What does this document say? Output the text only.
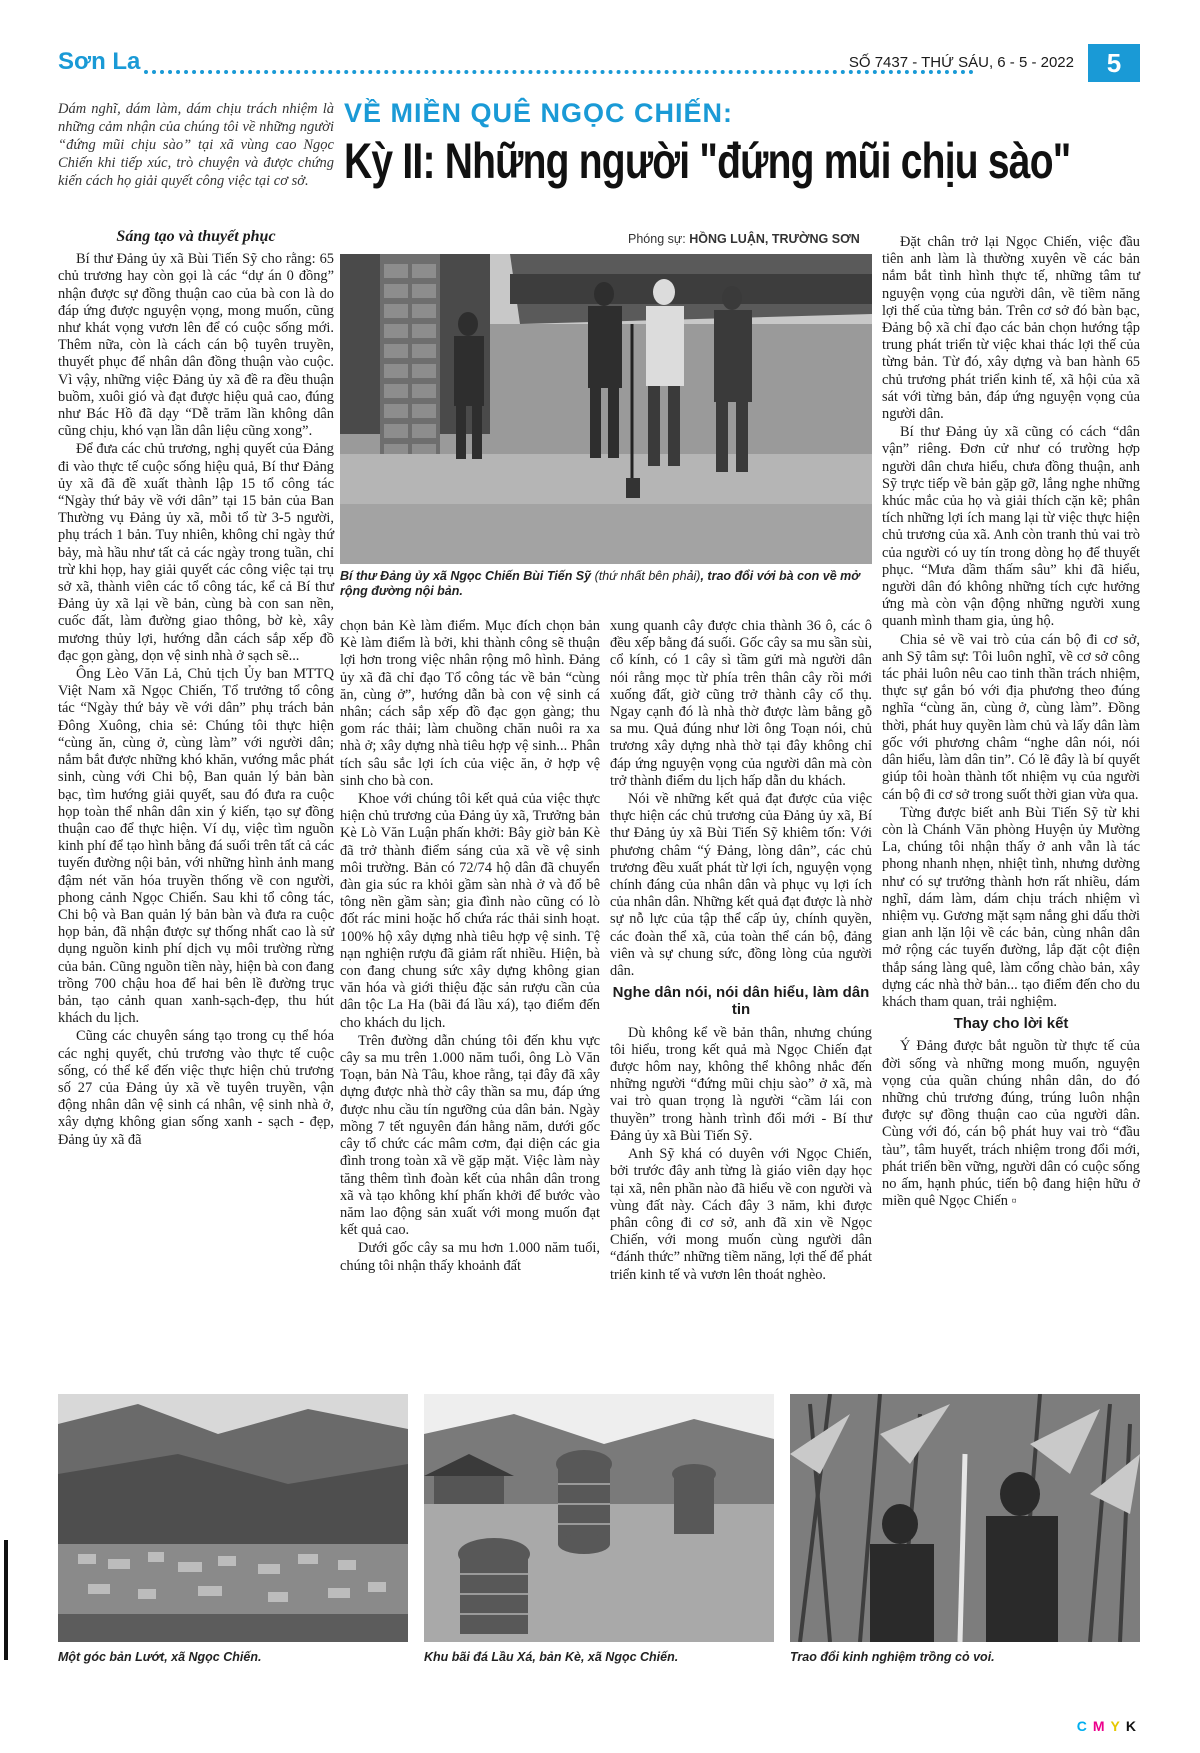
Sơn La	SỐ 7437 - THỨ SÁU, 6 - 5 - 2022	5
Dám nghĩ, dám làm, dám chịu trách nhiệm là những cảm nhận của chúng tôi về những người “đứng mũi chịu sào” tại xã vùng cao Ngọc Chiến khi tiếp xúc, trò chuyện và được chứng kiến cách họ giải quyết công việc tại cơ sở.
VỀ MIỀN QUÊ NGỌC CHIẾN:
Kỳ II: Những người "đứng mũi chịu sào"
Phóng sự: HỒNG LUẬN, TRƯỜNG SƠN
Bí thư Đảng ủy xã Ngọc Chiến Bùi Tiến Sỹ (thứ nhất bên phải), trao đổi với bà con về mở rộng đường nội bản.
Sáng tạo và thuyết phục

Bí thư Đảng ủy xã Bùi Tiến Sỹ cho rằng: 65 chủ trương hay còn gọi là các “dự án 0 đồng” nhận được sự đồng thuận cao của bà con là do đáp ứng được nguyện vọng, mong muốn, cũng như khát vọng vươn lên để có cuộc sống mới. Thêm nữa, còn là cách cán bộ tuyên truyền, thuyết phục để nhân dân đồng thuận vào cuộc. Vì vậy, những việc Đảng ủy xã đề ra đều thuận buồm, xuôi gió và đạt được hiệu quả cao, đúng như Bác Hồ đã dạy “Dễ trăm lần không dân cũng chịu, khó vạn lần dân liệu cũng xong”.

Để đưa các chủ trương, nghị quyết của Đảng đi vào thực tế cuộc sống hiệu quả, Bí thư Đảng ủy xã đã đề xuất thành lập 15 tổ công tác “Ngày thứ bảy về với dân” tại 15 bản của Ban Thường vụ Đảng ủy xã, mỗi tổ từ 3-5 người, phụ trách 1 bản. Tuy nhiên, không chỉ ngày thứ bảy, mà hầu như tất cả các ngày trong tuần, chỉ trừ khi họp, hay giải quyết các công việc tại trụ sở xã, thành viên các tổ công tác, kể cả Bí thư Đảng ủy xã lại về bản, cùng bà con san nền, cuốc đất, làm đường giao thông, bờ kè, xây mương thủy lợi, hướng dẫn cách sắp xếp đồ đạc gọn gàng, dọn vệ sinh nhà ở sạch sẽ...

Ông Lèo Văn Lả, Chủ tịch Ủy ban MTTQ Việt Nam xã Ngọc Chiến, Tổ trưởng tổ công tác “Ngày thứ bảy về với dân” phụ trách bản Đông Xuông, chia sẻ: Chúng tôi thực hiện “cùng ăn, cùng ở, cùng làm” với người dân; nắm bắt được những khó khăn, vướng mắc phát sinh, cùng với Chi bộ, Ban quản lý bản bàn bạc, tìm hướng giải quyết, sau đó đưa ra cuộc họp toàn thể nhân dân xin ý kiến, tạo sự đồng thuận cao để thực hiện. Ví dụ, việc tìm nguồn kinh phí để tạo hình bằng đá suối trên tất cả các tuyến đường nội bản, với những hình ảnh mang đậm nét văn hóa truyền thống về con người, phong cảnh Ngọc Chiến. Sau khi tổ công tác, Chi bộ và Ban quản lý bản bàn và đưa ra cuộc họp bản, đã nhận được sự thống nhất cao là sử dụng nguồn kinh phí dịch vụ môi trường rừng của bản. Cũng nguồn tiền này, hiện bà con đang trồng 700 chậu hoa để hai bên lề đường trục bản, tạo cảnh quan xanh-sạch-đẹp, thu hút khách du lịch.

Cũng các chuyên sáng tạo trong cụ thể hóa các nghị quyết, chủ trương vào thực tế cuộc sống, có thể kể đến việc thực hiện chủ trương số 27 của Đảng ủy xã về tuyên truyền, vận động nhân dân vệ sinh cá nhân, vệ sinh nhà ở, xây dựng không gian sống xanh - sạch - đẹp, Đảng ủy xã đã

chọn bản Kè làm điểm. Mục đích chọn bản Kè làm điểm là bởi, khi thành công sẽ thuận lợi hơn trong việc nhân rộng mô hình. Đảng ủy xã đã chỉ đạo Tổ công tác về bản “cùng ăn, cùng ở”, hướng dẫn bà con vệ sinh cá nhân; cách sắp xếp đồ đạc gọn gàng; thu gom rác thải; làm chuồng chăn nuôi ra xa nhà ở; xây dựng nhà tiêu hợp vệ sinh... Phân tích sâu sắc lợi ích của việc ăn, ở hợp vệ sinh cho bà con.

Khoe với chúng tôi kết quả của việc thực hiện chủ trương của Đảng ủy xã, Trưởng bản Kè Lò Văn Luận phấn khởi: Bây giờ bản Kè đã trở thành điểm sáng của xã về vệ sinh môi trường. Bản có 72/74 hộ dân đã chuyển đàn gia súc ra khỏi gầm sàn nhà ở và đổ bê tông nền gầm sàn; gia đình nào cũng có lò đốt rác mini hoặc hố chứa rác thải sinh hoạt. 100% hộ xây dựng nhà tiêu hợp vệ sinh. Tệ nạn nghiện rượu đã giảm rất nhiều. Hiện, bà con đang chung sức xây dựng không gian văn hóa và giới thiệu đặc sản rượu cần của dân tộc La Ha (bãi đá lầu xá), tạo điểm đến cho khách du lịch.

Trên đường dẫn chúng tôi đến khu vực cây sa mu trên 1.000 năm tuổi, ông Lò Văn Toạn, bản Nà Tâu, khoe rằng, tại đây đã xây dựng được nhà thờ cây thần sa mu, đáp ứng được nhu cầu tín ngưỡng của dân bản. Ngày mồng 7 tết nguyên đán hằng năm, dưới gốc cây tổ chức các mâm cơm, đại diện các gia đình trong toàn xã về gặp mặt. Việc làm này tăng thêm tình đoàn kết của nhân dân trong xã và tạo không khí phấn khởi để bước vào năm lao động sản xuất với mong muốn đạt kết quả cao.

Dưới gốc cây sa mu hơn 1.000 năm tuổi, chúng tôi nhận thấy khoảnh đất

xung quanh cây được chia thành 36 ô, các ô đều xếp bằng đá suối. Gốc cây sa mu sần sùi, cổ kính, có 1 cây sì tầm gửi mà người dân nói rằng mọc từ phía trên thân cây rồi mới xuống đất, giờ cũng trở thành cây cổ thụ. Ngay cạnh đó là nhà thờ được làm bằng gỗ sa mu. Quả đúng như lời ông Toạn nói, chủ trương xây dựng nhà thờ tại đây không chỉ đáp ứng nguyện vọng của người dân mà còn trở thành điểm du lịch hấp dẫn du khách.

Nói về những kết quả đạt được của việc thực hiện các chủ trương của Đảng ủy xã, Bí thư Đảng ủy xã Bùi Tiến Sỹ khiêm tốn: Với phương châm “ý Đảng, lòng dân”, các chủ trương đều xuất phát từ lợi ích, nguyện vọng chính đáng của nhân dân và phục vụ lợi ích của nhân dân. Những kết quả đạt được là nhờ sự nỗ lực của tập thể cấp ủy, chính quyền, các đoàn thể xã, của toàn thể cán bộ, đảng viên và sự chung sức, đồng lòng của người dân.

Nghe dân nói, nói dân hiểu, làm dân tin

Dù không kể về bản thân, nhưng chúng tôi hiểu, trong kết quả mà Ngọc Chiến đạt được hôm nay, không thể không nhắc đến những người “đứng mũi chịu sào” ở xã, mà vai trò quan trọng là người “cầm lái con thuyền” trong hành trình đổi mới - Bí thư Đảng ủy xã Bùi Tiến Sỹ.

Anh Sỹ khá có duyên với Ngọc Chiến, bởi trước đây anh từng là giáo viên dạy học tại xã, nên phần nào đã hiểu về con người và vùng đất này. Cách đây 3 năm, khi được phân công đi cơ sở, anh đã xin về Ngọc Chiến, với mong muốn cùng người dân “đánh thức” những tiềm năng, lợi thế để phát triển kinh tế và vươn lên thoát nghèo.

Đặt chân trở lại Ngọc Chiến, việc đầu tiên anh làm là thường xuyên về các bản nắm bắt tình hình thực tế, những tâm tư nguyện vọng của người dân, về tiềm năng lợi thế của từng bản. Trên cơ sở đó bàn bạc, Đảng bộ xã chỉ đạo các bản chọn hướng tập trung phát triển từ việc khai thác lợi thế của từng bản. Từ đó, xây dựng và ban hành 65 chủ trương phát triển kinh tế, xã hội của xã sát với từng bản, đáp ứng nguyện vọng của người dân.

Bí thư Đảng ủy xã cũng có cách “dân vận” riêng. Đơn cử như có trường hợp người dân chưa hiểu, chưa đồng thuận, anh Sỹ trực tiếp về bản gặp gỡ, lắng nghe những khúc mắc của họ và giải thích cặn kẽ; phân tích những lợi ích mang lại từ việc thực hiện chủ trương của xã. Anh còn tranh thủ vai trò của người có uy tín trong dòng họ để thuyết phục. “Mưa dầm thấm sâu” khi đã hiểu, người dân đó không những tích cực hưởng ứng mà còn vận động những người xung quanh mình tham gia, ủng hộ.

Chia sẻ về vai trò của cán bộ đi cơ sở, anh Sỹ tâm sự: Tôi luôn nghĩ, về cơ sở công tác phải luôn nêu cao tinh thần trách nhiệm, thực sự gắn bó với địa phương theo đúng nghĩa “cùng ăn, cùng ở, cùng làm”. Đồng thời, phát huy quyền làm chủ và lấy dân làm gốc với phương châm “nghe dân nói, nói dân hiểu, làm dân tin”. Có lẽ đây là bí quyết giúp tôi hoàn thành tốt nhiệm vụ của người cán bộ đi cơ sở trong suốt thời gian vừa qua.

Từng được biết anh Bùi Tiến Sỹ từ khi còn là Chánh Văn phòng Huyện ủy Mường La, chúng tôi nhận thấy ở anh vẫn là tác phong nhanh nhẹn, nhiệt tình, nhưng dường như có sự trưởng thành hơn rất nhiều, dám nghĩ, dám làm, dám chịu trách nhiệm vì nhiệm vụ. Gương mặt sạm nắng ghi dấu thời gian anh lặn lội về các bản, cùng nhân dân mở rộng các tuyến đường, lắp đặt cột điện thắp sáng làng quê, làm cổng chào bản, xây dựng các nhà thờ bản... tạo điểm đến cho du khách tham quan, trải nghiệm.

Thay cho lời kết

Ý Đảng được bắt nguồn từ thực tế của đời sống và những mong muốn, nguyện vọng của quần chúng nhân dân, do đó những chủ trương đúng, trúng luôn nhận được sự đồng thuận cao của người dân. Cùng với đó, cán bộ phát huy vai trò “đầu tàu”, tâm huyết, trách nhiệm trong đổi mới, phát triển bền vững, người dân có cuộc sống no ấm, hạnh phúc, tiến bộ đang hiện hữu ở miền quê Ngọc Chiến ▫

Một góc bản Lướt, xã Ngọc Chiến.	Khu bãi đá Lầu Xá, bản Kè, xã Ngọc Chiến.	Trao đổi kinh nghiệm trồng cỏ voi.
CMYK
